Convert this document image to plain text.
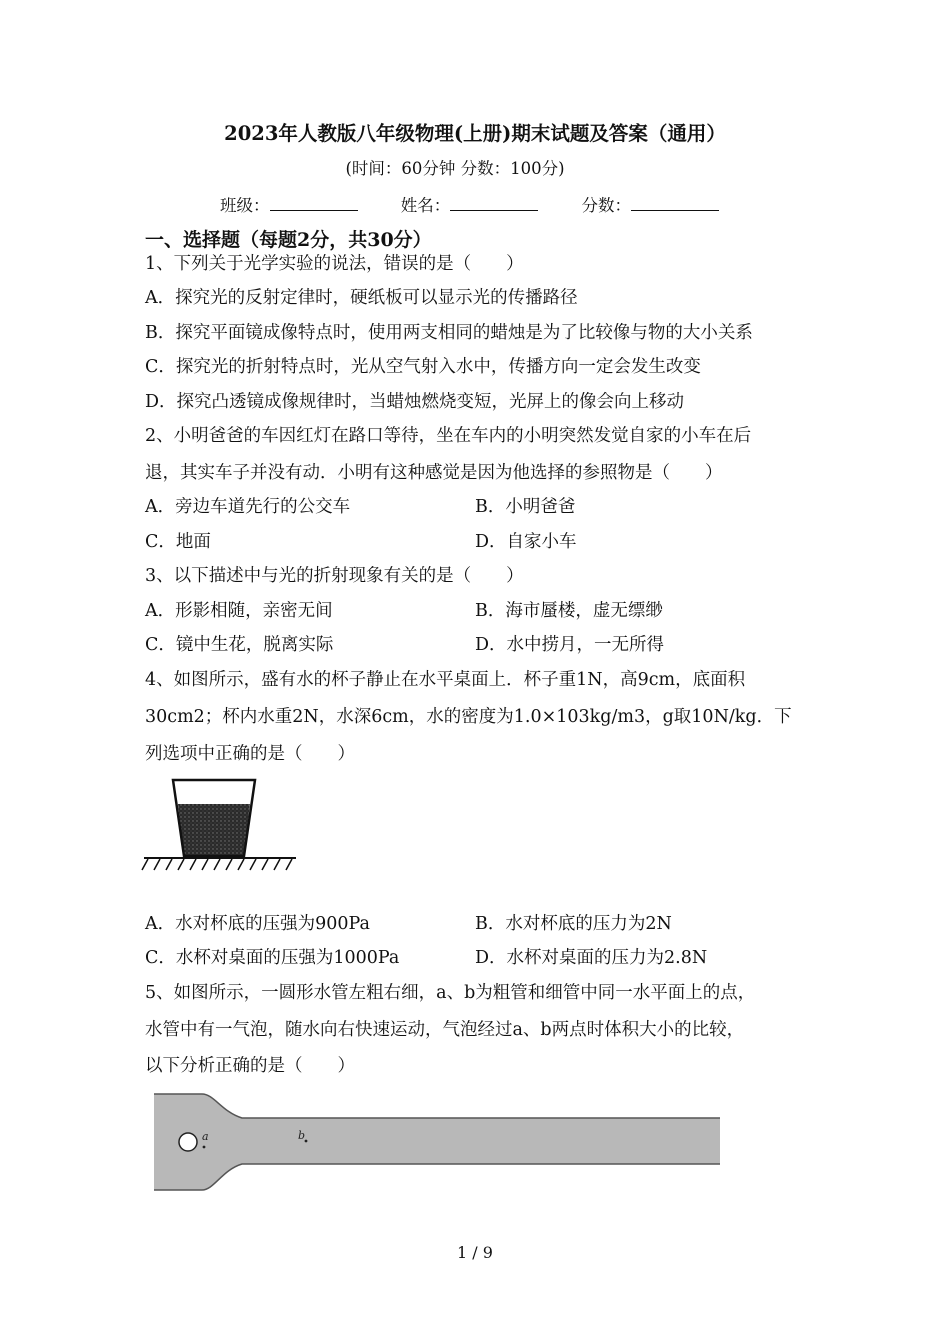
2023年人教版八年级物理(上册)期末试题及答案（通用）
(时间：60分钟 分数：100分)
班级：	姓名：	分数：
一、选择题（每题2分，共30分）
1、下列关于光学实验的说法，错误的是（　　）
A．探究光的反射定律时，硬纸板可以显示光的传播路径
B．探究平面镜成像特点时，使用两支相同的蜡烛是为了比较像与物的大小关系
C．探究光的折射特点时，光从空气射入水中，传播方向一定会发生改变
D．探究凸透镜成像规律时，当蜡烛燃烧变短，光屏上的像会向上移动
2、小明爸爸的车因红灯在路口等待，坐在车内的小明突然发觉自家的小车在后
退，其实车子并没有动．小明有这种感觉是因为他选择的参照物是（　　）
A．旁边车道先行的公交车	B．小明爸爸
C．地面	D．自家小车
3、以下描述中与光的折射现象有关的是（　　）
A．形影相随，亲密无间	B．海市蜃楼，虚无缥缈
C．镜中生花，脱离实际	D．水中捞月，一无所得
4、如图所示，盛有水的杯子静止在水平桌面上．杯子重1N，高9cm，底面积
30cm2；杯内水重2N，水深6cm，水的密度为1.0×103kg/m3，g取10N/kg．下
列选项中正确的是（　　）
A．水对杯底的压强为900Pa	B．水对杯底的压力为2N
C．水杯对桌面的压强为1000Pa	D．水杯对桌面的压力为2.8N
5、如图所示，一圆形水管左粗右细，a、b为粗管和细管中同一水平面上的点，
水管中有一气泡，随水向右快速运动，气泡经过a、b两点时体积大小的比较，
以下分析正确的是（　　）
a	b
1 / 9
